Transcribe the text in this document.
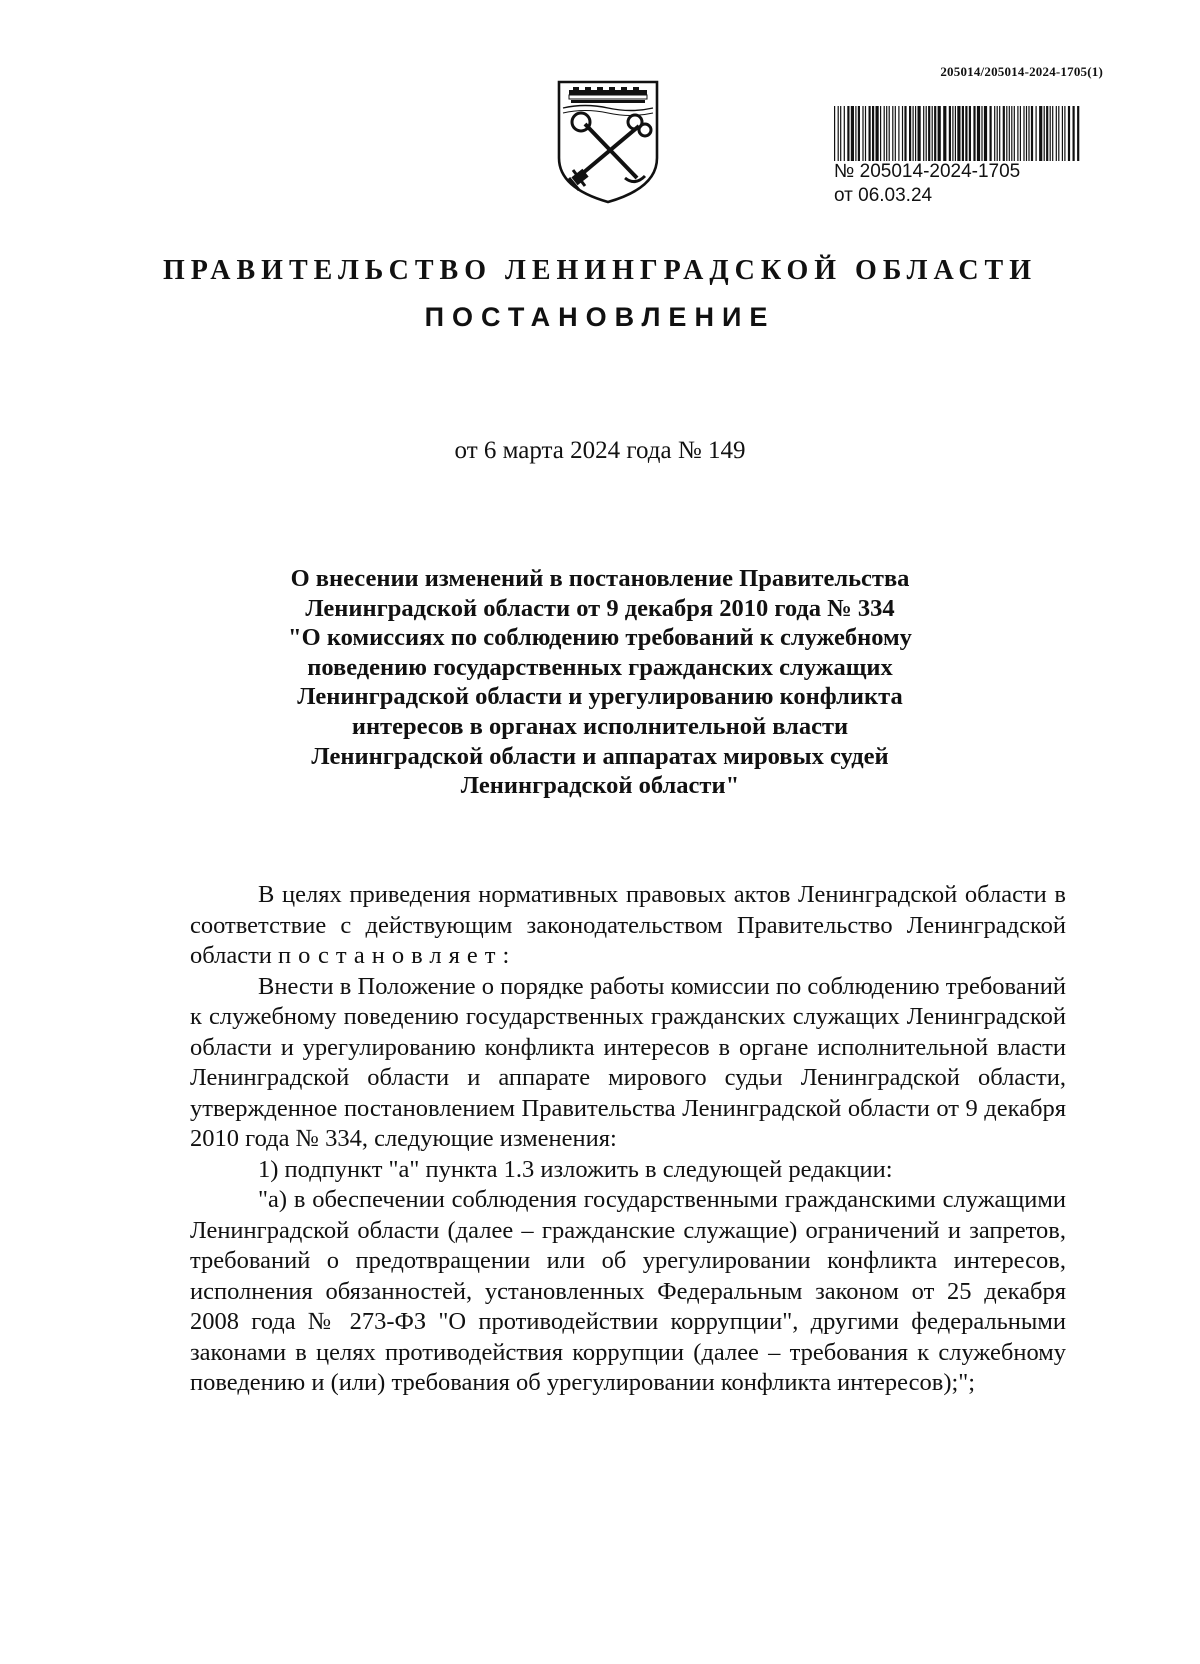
205014/205014-2024-1705(1)
№ 205014-2024-1705
от 06.03.24
ПРАВИТЕЛЬСТВО ЛЕНИНГРАДСКОЙ ОБЛАСТИ
ПОСТАНОВЛЕНИЕ
от 6 марта 2024 года № 149
О внесении изменений в постановление Правительства
Ленинградской области от 9 декабря 2010 года № 334
"О комиссиях по соблюдению требований к служебному
поведению государственных гражданских служащих
Ленинградской области и урегулированию конфликта
интересов в органах исполнительной власти
Ленинградской области и аппаратах мировых судей
Ленинградской области"

В целях приведения нормативных правовых актов Ленинградской области в соответствие с действующим законодательством Правительство Ленинградской области постановляет:

Внести в Положение о порядке работы комиссии по соблюдению требований к служебному поведению государственных гражданских служащих Ленинградской области и урегулированию конфликта интересов в органе исполнительной власти Ленинградской области и аппарате мирового судьи Ленинградской области, утвержденное постановлением Правительства Ленинградской области от 9 декабря 2010 года № 334, следующие изменения:

1) подпункт "а" пункта 1.3 изложить в следующей редакции:

"а) в обеспечении соблюдения государственными гражданскими служащими Ленинградской области (далее – гражданские служащие) ограничений и запретов, требований о предотвращении или об урегулировании конфликта интересов, исполнения обязанностей, установленных Федеральным законом от 25 декабря 2008 года № 273-ФЗ "О противодействии коррупции", другими федеральными законами в целях противодействия коррупции (далее – требования к служебному поведению и (или) требования об урегулировании конфликта интересов);";
